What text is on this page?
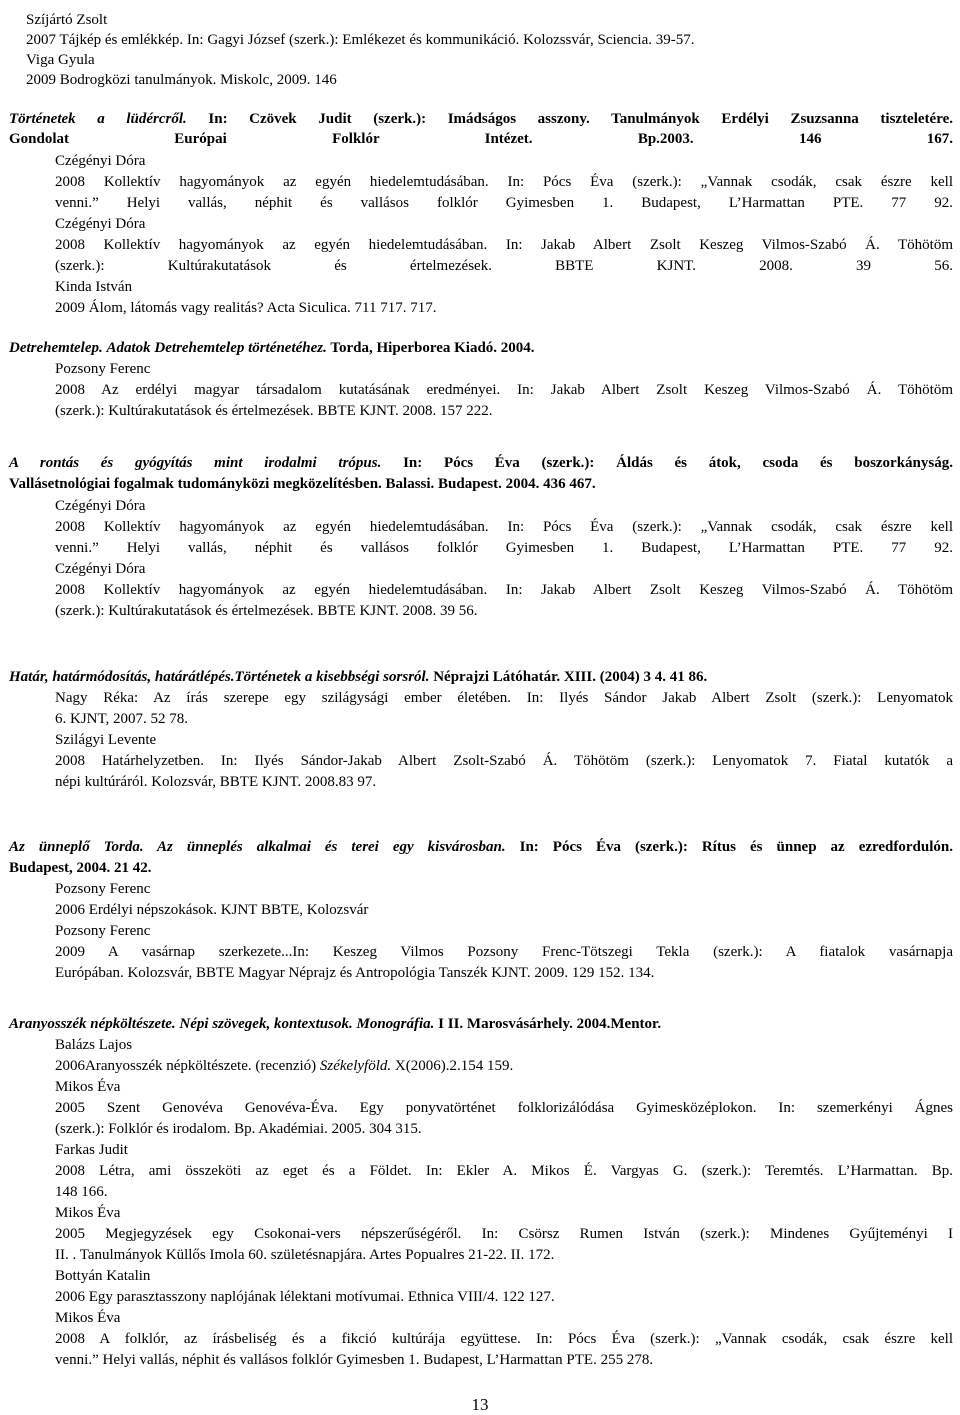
Szíjártó Zsolt
2007 Tájkép és emlékkép. In: Gagyi József (szerk.): Emlékezet és kommunikáció. Kolozssvár, Sciencia. 39-57.
Viga Gyula
2009 Bodrogközi tanulmányok. Miskolc, 2009. 146
Történetek a lüdércről. In: Czövek Judit (szerk.): Imádságos asszony. Tanulmányok Erdélyi Zsuzsanna tiszteletére.
Gondolat Európai Folklór Intézet. Bp.2003. 146 167.
Czégényi Dóra
2008 Kollektív hagyományok az egyén hiedelemtudásában. In: Pócs Éva (szerk.): „Vannak csodák, csak észre kell
venni.” Helyi vallás, néphit és vallásos folklór Gyimesben 1. Budapest, L’Harmattan PTE. 77 92.
Czégényi Dóra
2008 Kollektív hagyományok az egyén hiedelemtudásában. In: Jakab Albert Zsolt Keszeg Vilmos-Szabó Á. Töhötöm
(szerk.): Kultúrakutatások és értelmezések. BBTE KJNT. 2008. 39 56.
Kinda István
2009 Álom, látomás vagy realitás? Acta Siculica. 711 717. 717.
Detrehemtelep. Adatok Detrehemtelep történetéhez. Torda, Hiperborea Kiadó. 2004.
Pozsony Ferenc
2008 Az erdélyi magyar társadalom kutatásának eredményei. In: Jakab Albert Zsolt Keszeg Vilmos-Szabó Á. Töhötöm
(szerk.): Kultúrakutatások és értelmezések. BBTE KJNT. 2008. 157 222.
A rontás és gyógyítás mint irodalmi trópus. In: Pócs Éva (szerk.): Áldás és átok, csoda és boszorkányság.
Vallásetnológiai fogalmak tudományközi megközelítésben. Balassi. Budapest. 2004. 436 467.
Czégényi Dóra
2008 Kollektív hagyományok az egyén hiedelemtudásában. In: Pócs Éva (szerk.): „Vannak csodák, csak észre kell
venni.” Helyi vallás, néphit és vallásos folklór Gyimesben 1. Budapest, L’Harmattan PTE. 77 92.
Czégényi Dóra
2008 Kollektív hagyományok az egyén hiedelemtudásában. In: Jakab Albert Zsolt Keszeg Vilmos-Szabó Á. Töhötöm
(szerk.): Kultúrakutatások és értelmezések. BBTE KJNT. 2008. 39 56.
Határ, határmódosítás, határátlépés.Történetek a kisebbségi sorsról. Néprajzi Látóhatár. XIII. (2004) 3 4. 41 86.
Nagy Réka: Az írás szerepe egy szilágysági ember életében. In: Ilyés Sándor Jakab Albert Zsolt (szerk.): Lenyomatok
6. KJNT, 2007. 52 78.
Szilágyi Levente
2008 Határhelyzetben. In: Ilyés Sándor-Jakab Albert Zsolt-Szabó Á. Töhötöm (szerk.): Lenyomatok 7. Fiatal kutatók a
népi kultúráról. Kolozsvár, BBTE KJNT. 2008.83 97.
Az ünneplő Torda. Az ünneplés alkalmai és terei egy kisvárosban. In: Pócs Éva (szerk.): Rítus és ünnep az ezredfordulón.
Budapest, 2004. 21 42.
Pozsony Ferenc
2006 Erdélyi népszokások. KJNT BBTE, Kolozsvár
Pozsony Ferenc
2009 A vasárnap szerkezete...In: Keszeg Vilmos Pozsony Frenc-Tötszegi Tekla (szerk.): A fiatalok vasárnapja
Európában. Kolozsvár, BBTE Magyar Néprajz és Antropológia Tanszék KJNT. 2009. 129 152. 134.
Aranyosszék népköltészete. Népi szövegek, kontextusok. Monográfia. I II. Marosvásárhely. 2004.Mentor.
Balázs Lajos
2006Aranyosszék népköltészete. (recenzió) Székelyföld. X(2006).2.154 159.
Mikos Éva
2005 Szent Genovéva Genovéva-Éva. Egy ponyvatörténet folklorizálódása Gyimesközéplokon. In: szemerkényi Ágnes
(szerk.): Folklór és irodalom. Bp. Akadémiai. 2005. 304 315.
Farkas Judit
2008 Létra, ami összeköti az eget és a Földet. In: Ekler A. Mikos É. Vargyas G. (szerk.): Teremtés. L’Harmattan. Bp.
148 166.
Mikos Éva
2005 Megjegyzések egy Csokonai-vers népszerűségéről. In: Csörsz Rumen István (szerk.): Mindenes Gyűjteményi I
II. . Tanulmányok Küllős Imola 60. születésnapjára. Artes Popualres 21-22. II. 172.
Bottyán Katalin
2006 Egy parasztasszony naplójának lélektani motívumai. Ethnica VIII/4. 122 127.
Mikos Éva
2008 A folklór, az írásbeliség és a fikció kultúrája együttese. In: Pócs Éva (szerk.): „Vannak csodák, csak észre kell
venni.” Helyi vallás, néphit és vallásos folklór Gyimesben 1. Budapest, L’Harmattan PTE. 255 278.
13
